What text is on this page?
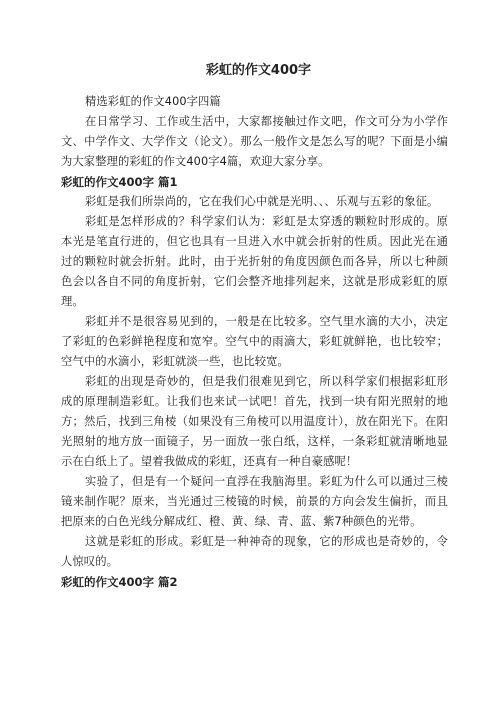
彩虹的作文400字

精选彩虹的作文400字四篇

在日常学习、工作或生活中，大家都接触过作文吧，作文可分为小学作文、中学作文、大学作文（论文）。那么一般作文是怎么写的呢？下面是小编为大家整理的彩虹的作文400字4篇，欢迎大家分享。

彩虹的作文400字 篇1

彩虹是我们所崇尚的，它在我们心中就是光明、、、乐观与五彩的象征。

彩虹是怎样形成的？科学家们认为：彩虹是太穿透的颗粒时形成的。原本光是笔直行进的，但它也具有一旦进入水中就会折射的性质。因此光在通过的颗粒时就会折射。此时，由于光折射的角度因颜色而各异，所以七种颜色会以各自不同的角度折射，它们会整齐地排列起来，这就是形成彩虹的原理。

彩虹并不是很容易见到的，一般是在比较多。空气里水滴的大小，决定了彩虹的色彩鲜艳程度和宽窄。空气中的雨滴大，彩虹就鲜艳，也比较窄；空气中的水滴小，彩虹就淡一些，也比较宽。

彩虹的出现是奇妙的，但是我们很难见到它，所以科学家们根据彩虹形成的原理制造彩虹。让我们也来试一试吧！首先，找到一块有阳光照射的地方；然后，找到三角棱（如果没有三角棱可以用温度计），放在阳光下。在阳光照射的地方放一面镜子，另一面放一张白纸，这样，一条彩虹就清晰地显示在白纸上了。望着我做成的彩虹，还真有一种自豪感呢！

实验了，但是有一个疑问一直浮在我脑海里。彩虹为什么可以通过三棱镜来制作呢？原来，当光通过三棱镜的时候，前景的方向会发生偏折，而且把原来的白色光线分解成红、橙、黄、绿、青、蓝、紫7种颜色的光带。

这就是彩虹的形成。彩虹是一种神奇的现象，它的形成也是奇妙的，令人惊叹的。

彩虹的作文400字 篇2
